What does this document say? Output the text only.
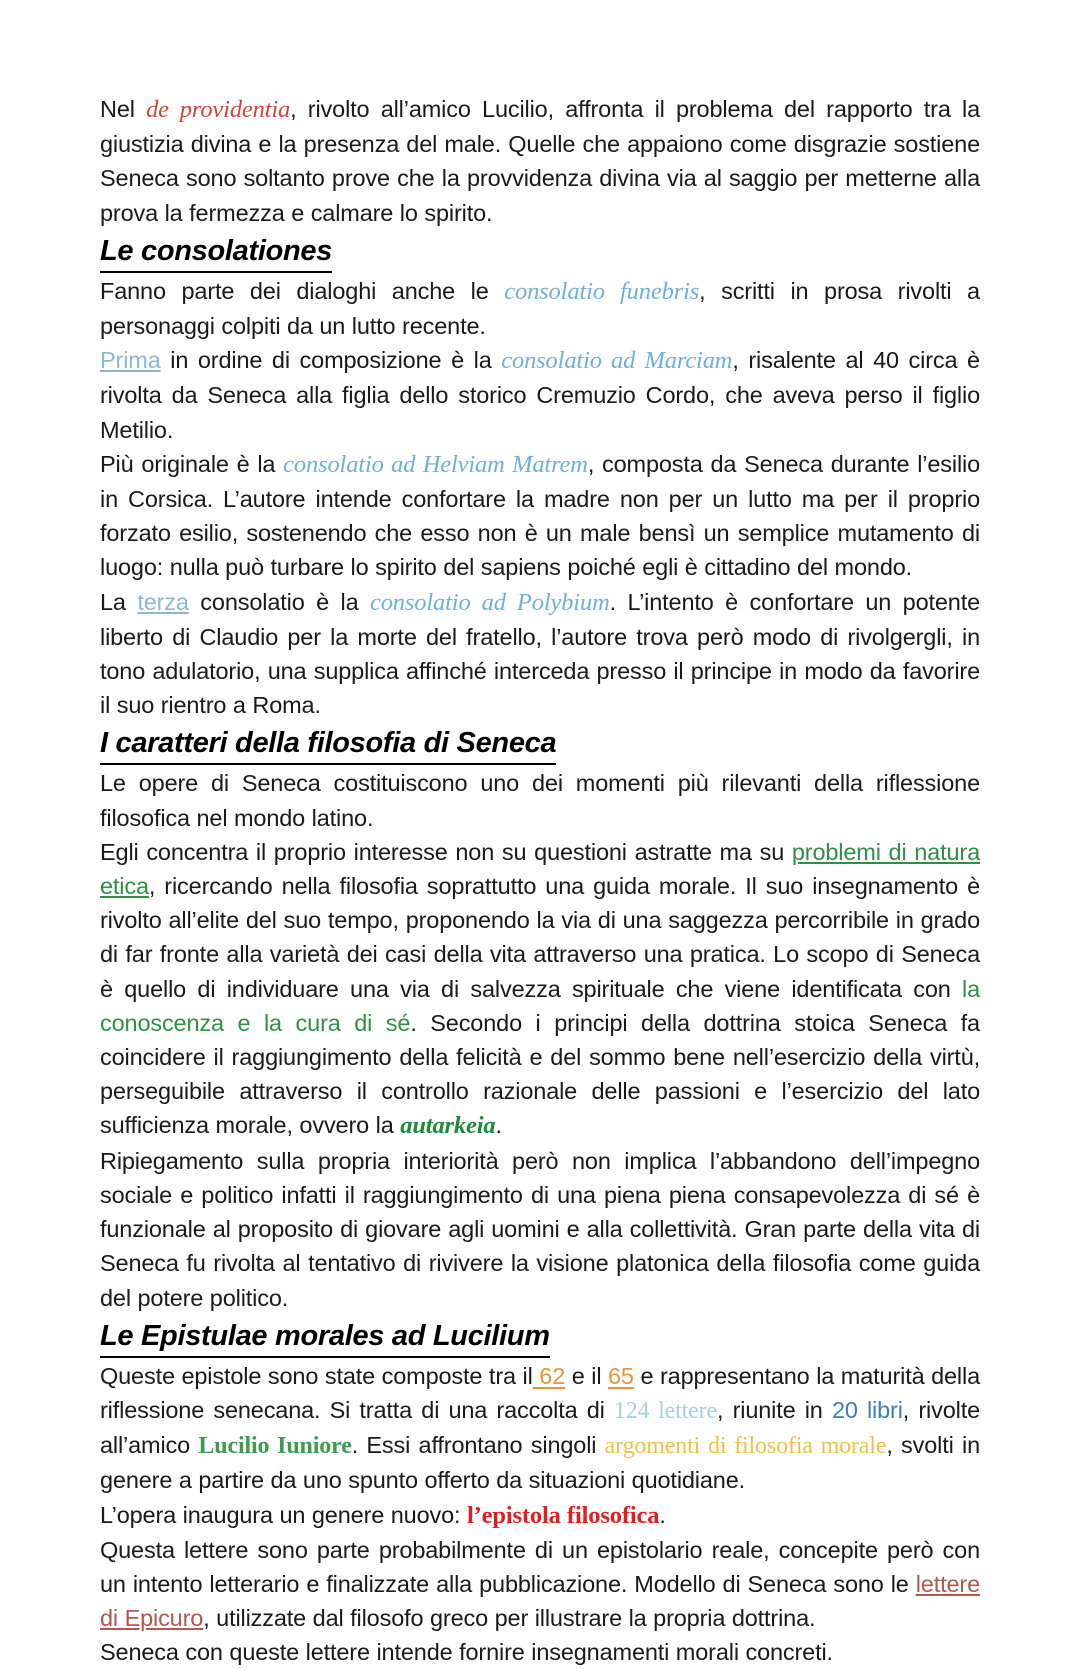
Nel de providentia, rivolto all’amico Lucilio, affronta il problema del rapporto tra la giustizia divina e la presenza del male. Quelle che appaiono come disgrazie sostiene Seneca sono soltanto prove che la provvidenza divina via al saggio per metterne alla prova la fermezza e calmare lo spirito.

Le consolationes

Fanno parte dei dialoghi anche le consolatio funebris, scritti in prosa rivolti a personaggi colpiti da un lutto recente.

Prima in ordine di composizione è la consolatio ad Marciam, risalente al 40 circa è rivolta da Seneca alla figlia dello storico Cremuzio Cordo, che aveva perso il figlio Metilio.

Più originale è la consolatio ad Helviam Matrem, composta da Seneca durante l’esilio in Corsica. L’autore intende confortare la madre non per un lutto ma per il proprio forzato esilio, sostenendo che esso non è un male bensì un semplice mutamento di luogo: nulla può turbare lo spirito del sapiens poiché egli è cittadino del mondo.

La terza consolatio è la consolatio ad Polybium. L’intento è confortare un potente liberto di Claudio per la morte del fratello, l’autore trova però modo di rivolgergli, in tono adulatorio, una supplica affinché interceda presso il principe in modo da favorire il suo rientro a Roma.

I caratteri della filosofia di Seneca

Le opere di Seneca costituiscono uno dei momenti più rilevanti della riflessione filosofica nel mondo latino.

Egli concentra il proprio interesse non su questioni astratte ma su problemi di natura etica, ricercando nella filosofia soprattutto una guida morale. Il suo insegnamento è rivolto all’elite del suo tempo, proponendo la via di una saggezza percorribile in grado di far fronte alla varietà dei casi della vita attraverso una pratica. Lo scopo di Seneca è quello di individuare una via di salvezza spirituale che viene identificata con la conoscenza e la cura di sé. Secondo i principi della dottrina stoica Seneca fa coincidere il raggiungimento della felicità e del sommo bene nell’esercizio della virtù, perseguibile attraverso il controllo razionale delle passioni e l’esercizio del lato sufficienza morale, ovvero la autarkeia.

Ripiegamento sulla propria interiorità però non implica l’abbandono dell’impegno sociale e politico infatti il raggiungimento di una piena piena consapevolezza di sé è funzionale al proposito di giovare agli uomini e alla collettività. Gran parte della vita di Seneca fu rivolta al tentativo di rivivere la visione platonica della filosofia come guida del potere politico.

Le Epistulae morales ad Lucilium

Queste epistole sono state composte tra il 62 e il 65 e rappresentano la maturità della riflessione senecana. Si tratta di una raccolta di 124 lettere, riunite in 20 libri, rivolte all’amico Lucilio Iuniore. Essi affrontano singoli argomenti di filosofia morale, svolti in genere a partire da uno spunto offerto da situazioni quotidiane.

L’opera inaugura un genere nuovo: l’epistola filosofica.

Questa lettere sono parte probabilmente di un epistolario reale, concepite però con un intento letterario e finalizzate alla pubblicazione. Modello di Seneca sono le lettere di Epicuro, utilizzate dal filosofo greco per illustrare la propria dottrina.

Seneca con queste lettere intende fornire insegnamenti morali concreti.
